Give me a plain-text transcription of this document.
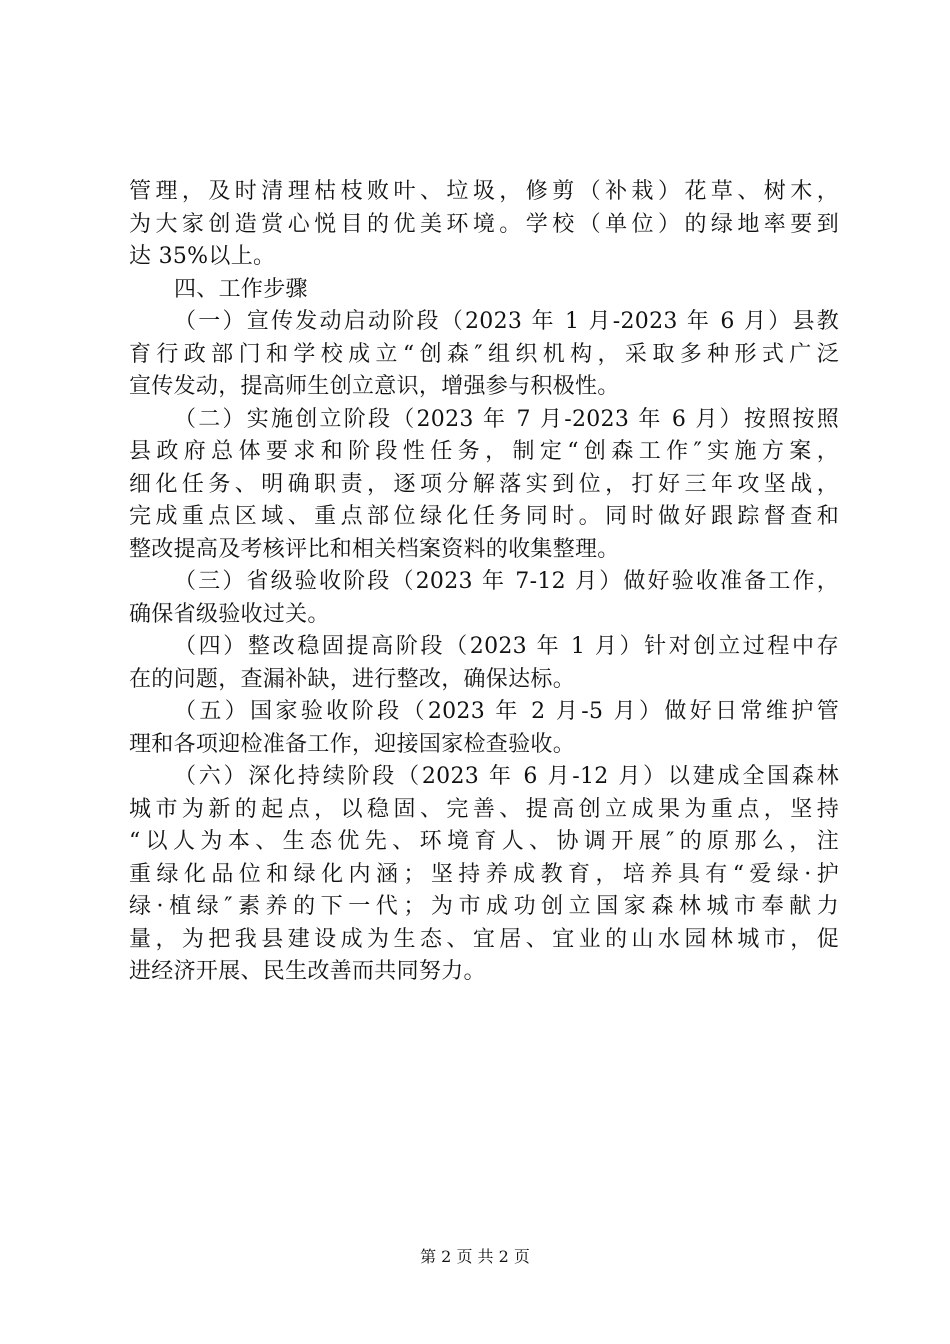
管理，及时清理枯枝败叶、垃圾，修剪（补栽）花草、树木，
为大家创造赏心悦目的优美环境。学校（单位）的绿地率要到
达 35%以上。
四、工作步骤
（一）宣传发动启动阶段（2023 年 1 月-2023 年 6 月）县教
育行政部门和学校成立“创森″组织机构，采取多种形式广泛
宣传发动，提高师生创立意识，增强参与积极性。
（二）实施创立阶段（2023 年 7 月-2023 年 6 月）按照按照
县政府总体要求和阶段性任务，制定“创森工作″实施方案，
细化任务、明确职责，逐项分解落实到位，打好三年攻坚战，
完成重点区域、重点部位绿化任务同时。同时做好跟踪督查和
整改提高及考核评比和相关档案资料的收集整理。
（三）省级验收阶段（2023 年 7-12 月）做好验收准备工作，
确保省级验收过关。
（四）整改稳固提高阶段（2023 年 1 月）针对创立过程中存
在的问题，查漏补缺，进行整改，确保达标。
（五）国家验收阶段（2023 年 2 月-5 月）做好日常维护管
理和各项迎检准备工作，迎接国家检查验收。
（六）深化持续阶段（2023 年 6 月-12 月）以建成全国森林
城市为新的起点，以稳固、完善、提高创立成果为重点，坚持
“以人为本、生态优先、环境育人、协调开展″的原那么，注
重绿化品位和绿化内涵；坚持养成教育，培养具有“爱绿·护
绿·植绿″素养的下一代；为市成功创立国家森林城市奉献力
量，为把我县建设成为生态、宜居、宜业的山水园林城市，促
进经济开展、民生改善而共同努力。
第 2 页 共 2 页
